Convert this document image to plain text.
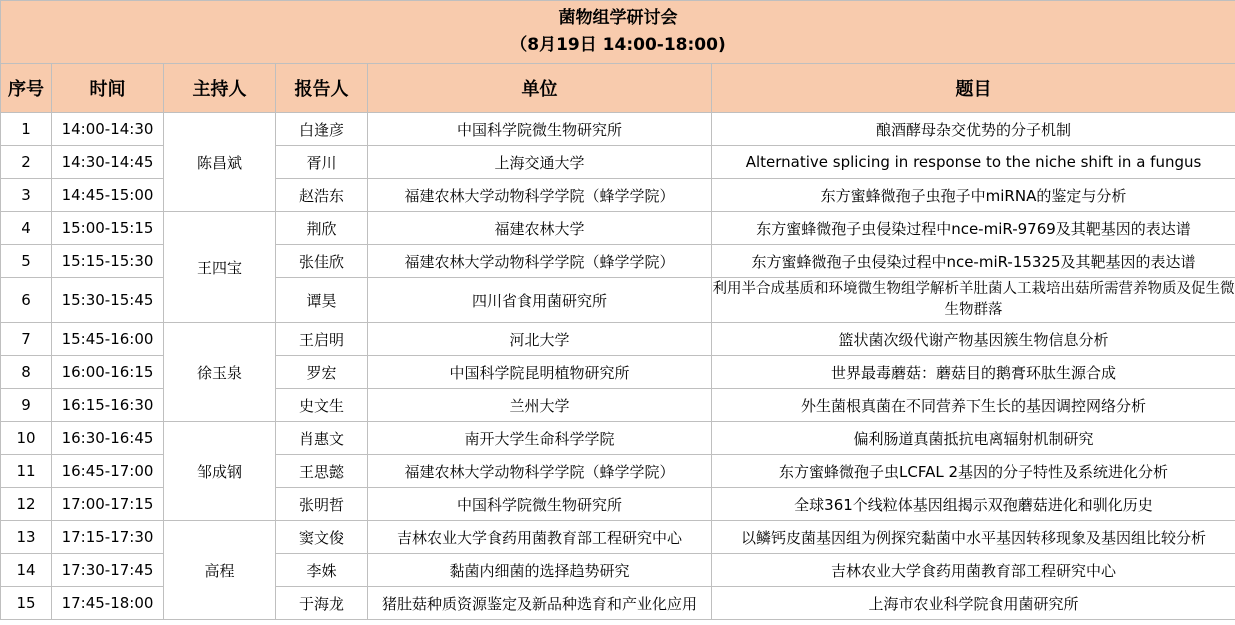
菌物组学研讨会
（8月19日 14:00-18:00)					

序号	时间	主持人	报告人	单位	题目
1	14:00-14:30	陈昌斌	白逢彦	中国科学院微生物研究所	酿酒酵母杂交优势的分子机制
2	14:30-14:45		胥川	上海交通大学	Alternative splicing in response to the niche shift in a fungus
3	14:45-15:00		赵浩东	福建农林大学动物科学学院（蜂学学院）	东方蜜蜂微孢子虫孢子中miRNA的鉴定与分析
4	15:00-15:15	王四宝	荆欣	福建农林大学	东方蜜蜂微孢子虫侵染过程中nce-miR-9769及其靶基因的表达谱
5	15:15-15:30		张佳欣	福建农林大学动物科学学院（蜂学学院）	东方蜜蜂微孢子虫侵染过程中nce-miR-15325及其靶基因的表达谱
6	15:30-15:45		谭昊	四川省食用菌研究所	利用半合成基质和环境微生物组学解析羊肚菌人工栽培出菇所需营养物质及促生微生物群落
7	15:45-16:00	徐玉泉	王启明	河北大学	篮状菌次级代谢产物基因簇生物信息分析
8	16:00-16:15		罗宏	中国科学院昆明植物研究所	世界最毒蘑菇：蘑菇目的鹅膏环肽生源合成
9	16:15-16:30		史文生	兰州大学	外生菌根真菌在不同营养下生长的基因调控网络分析
10	16:30-16:45	邹成钢	肖惠文	南开大学生命科学学院	偏利肠道真菌抵抗电离辐射机制研究
11	16:45-17:00		王思懿	福建农林大学动物科学学院（蜂学学院）	东方蜜蜂微孢子虫LCFAL 2基因的分子特性及系统进化分析
12	17:00-17:15		张明哲	中国科学院微生物研究所	全球361个线粒体基因组揭示双孢蘑菇进化和驯化历史
13	17:15-17:30	高程	窦文俊	吉林农业大学食药用菌教育部工程研究中心	以鳞钙皮菌基因组为例探究黏菌中水平基因转移现象及基因组比较分析
14	17:30-17:45		李姝	黏菌内细菌的选择趋势研究	吉林农业大学食药用菌教育部工程研究中心
15	17:45-18:00		于海龙	猪肚菇种质资源鉴定及新品种选育和产业化应用	上海市农业科学院食用菌研究所
